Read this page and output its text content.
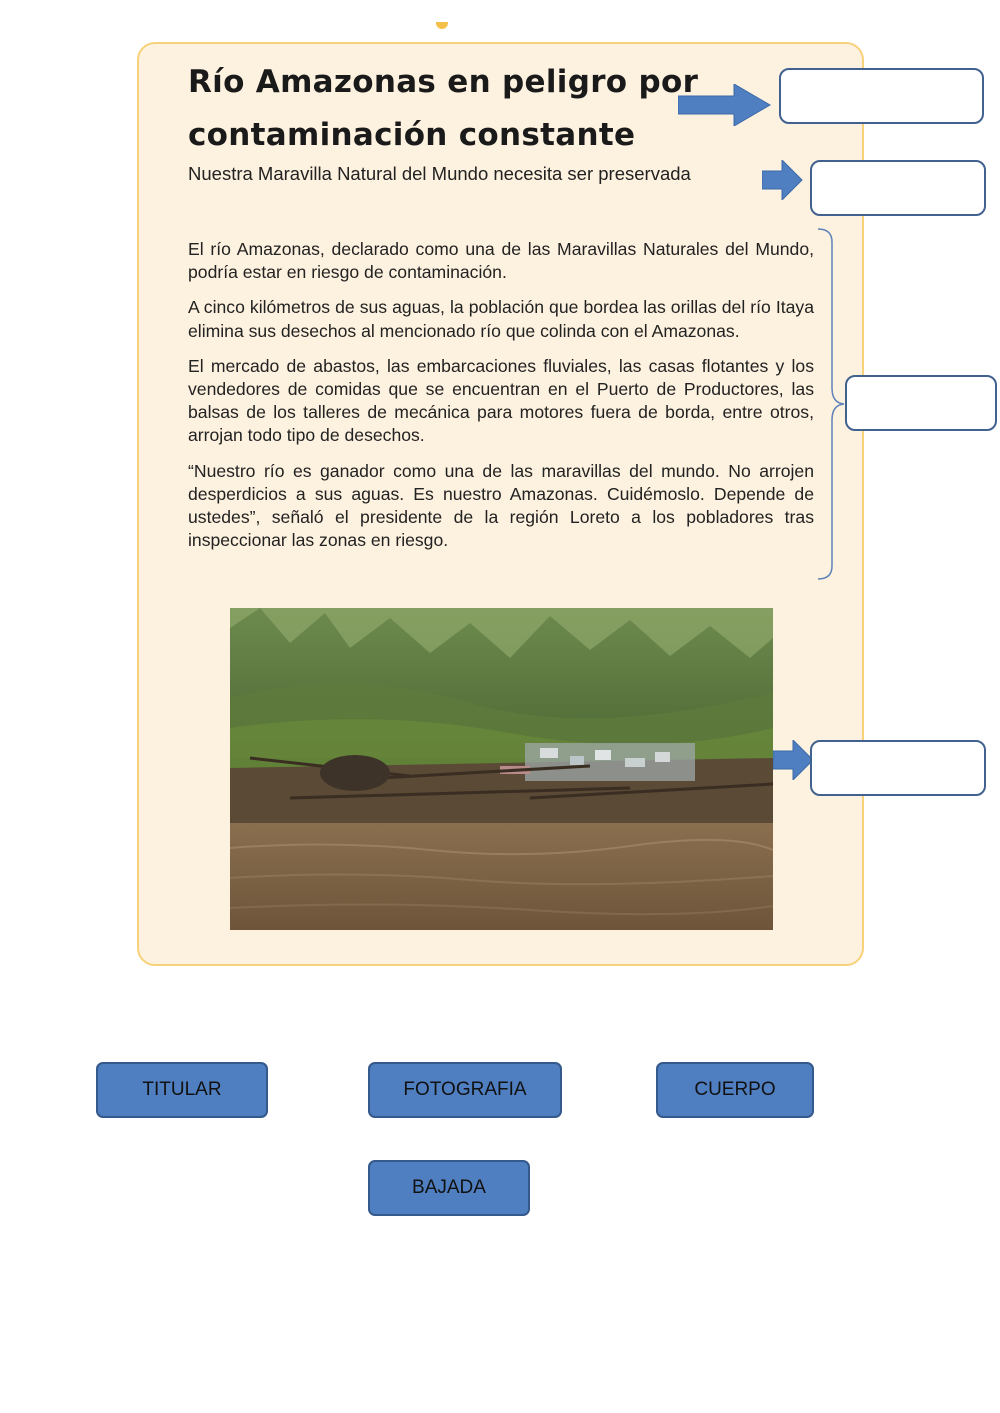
Río Amazonas en peligro por contaminación constante

Nuestra Maravilla Natural del Mundo necesita ser preservada

El río Amazonas, declarado como una de las Maravillas Naturales del Mundo, podría estar en riesgo de contaminación.

A cinco kilómetros de sus aguas, la población que bordea las orillas del río Itaya elimina sus desechos al mencionado río que colinda con el Amazonas.

El mercado de abastos, las embarcaciones fluviales, las casas flotantes y los vendedores de comidas que se encuentran en el Puerto de Productores, las balsas de los talleres de mecánica para motores fuera de borda, entre otros, arrojan todo tipo de desechos.

“Nuestro río es ganador como una de las maravillas del mundo. No arrojen desperdicios a sus aguas. Es nuestro Amazonas. Cuidémoslo. Depende de ustedes”, señaló el presidente de la región Loreto a los pobladores tras inspeccionar las zonas en riesgo.

TITULAR	FOTOGRAFIA	CUERPO
BAJADA
